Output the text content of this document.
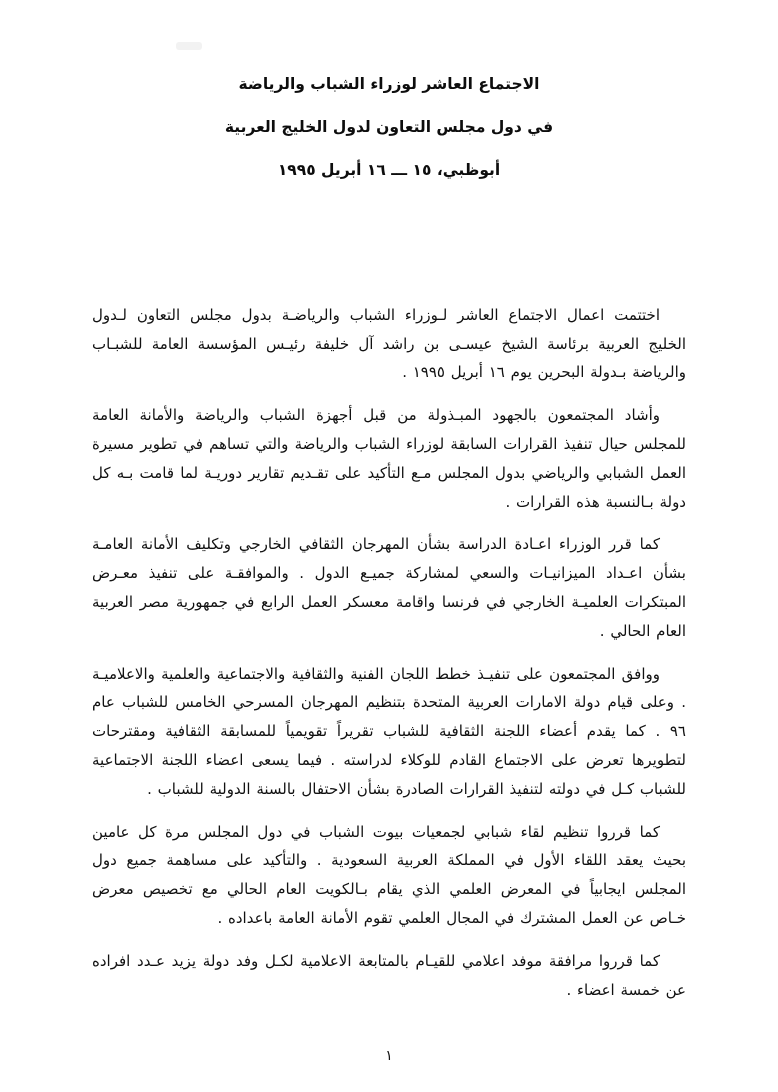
الاجتماع العاشر لوزراء الشباب والرياضة
في دول مجلس التعاون لدول الخليج العربية
أبوظبي، ١٥ ـــ ١٦ أبريل ١٩٩٥

اختتمت اعمال الاجتماع العاشر لـوزراء الشباب والرياضـة بدول مجلس التعاون لـدول الخليج العربية برئاسة الشيخ عيسـى بن راشد آل خليفة رئيـس المؤسسة العامة للشبـاب والرياضة بـدولة البحرين يوم ١٦ أبريل ١٩٩٥ .

وأشاد المجتمعون بالجهود المبـذولة من قبل أجهزة الشباب والرياضة والأمانة العامة للمجلس حيال تنفيذ القرارات السابقة لوزراء الشباب والرياضة والتي تساهم في تطوير مسيرة العمل الشبابي والرياضي بدول المجلس مـع التأكيد على تقـديم تقارير دوريـة لما قامت بـه كل دولة بـالنسبة هذه القرارات .

كما قرر الوزراء اعـادة الدراسة بشأن المهرجان الثقافي الخارجي وتكليف الأمانة العامـة بشأن اعـداد الميزانيـات والسعي لمشاركة جميـع الدول . والموافقـة على تنفيذ معـرض المبتكرات العلميـة الخارجي في فرنسا واقامة معسكر العمل الرابع في جمهورية مصر العربية العام الحالي .

ووافق المجتمعون على تنفيـذ خطط اللجان الفنية والثقافية والاجتماعية والعلمية والاعلاميـة . وعلى قيام دولة الامارات العربية المتحدة بتنظيم المهرجان المسرحي الخامس للشباب عام ٩٦ . كما يقدم أعضاء اللجنة الثقافية للشباب تقريراً تقويمياً للمسابقة الثقافية ومقترحات لتطويرها تعرض على الاجتماع القادم للوكلاء لدراسته . فيما يسعى اعضاء اللجنة الاجتماعية للشباب كـل في دولته لتنفيذ القرارات الصادرة بشأن الاحتفال بالسنة الدولية للشباب .

كما قرروا تنظيم لقاء شبابي لجمعيات بيوت الشباب في دول المجلس مرة كل عامين بحيث يعقد اللقاء الأول في المملكة العربية السعودية . والتأكيد على مساهمة جميع دول المجلس ايجابياً في المعرض العلمي الذي يقام بـالكويت العام الحالي مع تخصيص معرض خـاص عن العمل المشترك في المجال العلمي تقوم الأمانة العامة باعداده .

كما قرروا مرافقة موفد اعلامي للقيـام بالمتابعة الاعلامية لكـل وفد دولة يزيد عـدد افراده عن خمسة اعضاء .

١
